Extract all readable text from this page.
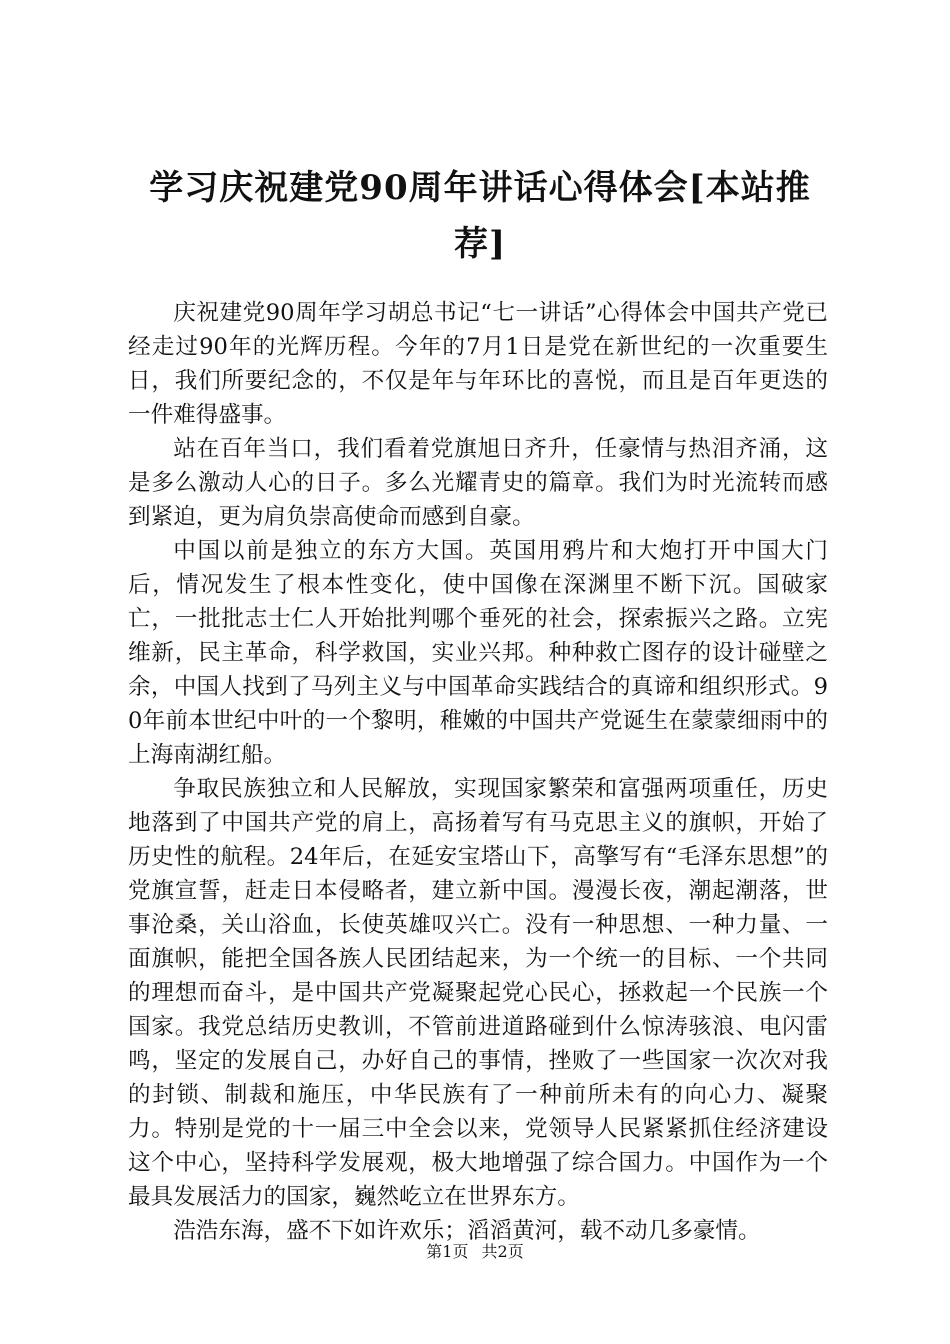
学习庆祝建党90周年讲话心得体会[本站推荐]

庆祝建党90周年学习胡总书记“七一讲话”心得体会中国共产党已经走过90年的光辉历程。今年的7月1日是党在新世纪的一次重要生日，我们所要纪念的，不仅是年与年环比的喜悦，而且是百年更迭的一件难得盛事。

站在百年当口，我们看着党旗旭日齐升，任豪情与热泪齐涌，这是多么激动人心的日子。多么光耀青史的篇章。我们为时光流转而感到紧迫，更为肩负崇高使命而感到自豪。

中国以前是独立的东方大国。英国用鸦片和大炮打开中国大门后，情况发生了根本性变化，使中国像在深渊里不断下沉。国破家亡，一批批志士仁人开始批判哪个垂死的社会，探索振兴之路。立宪维新，民主革命，科学救国，实业兴邦。种种救亡图存的设计碰壁之余，中国人找到了马列主义与中国革命实践结合的真谛和组织形式。90年前本世纪中叶的一个黎明，稚嫩的中国共产党诞生在蒙蒙细雨中的上海南湖红船。

争取民族独立和人民解放，实现国家繁荣和富强两项重任，历史地落到了中国共产党的肩上，高扬着写有马克思主义的旗帜，开始了历史性的航程。24年后，在延安宝塔山下，高擎写有“毛泽东思想”的党旗宣誓，赶走日本侵略者，建立新中国。漫漫长夜，潮起潮落，世事沧桑，关山浴血，长使英雄叹兴亡。没有一种思想、一种力量、一面旗帜，能把全国各族人民团结起来，为一个统一的目标、一个共同的理想而奋斗，是中国共产党凝聚起党心民心，拯救起一个民族一个国家。我党总结历史教训，不管前进道路碰到什么惊涛骇浪、电闪雷鸣，坚定的发展自己，办好自己的事情，挫败了一些国家一次次对我的封锁、制裁和施压，中华民族有了一种前所未有的向心力、凝聚力。特别是党的十一届三中全会以来，党领导人民紧紧抓住经济建设这个中心，坚持科学发展观，极大地增强了综合国力。中国作为一个最具发展活力的国家，巍然屹立在世界东方。

浩浩东海，盛不下如许欢乐；滔滔黄河，载不动几多豪情。

第1页 共2页
